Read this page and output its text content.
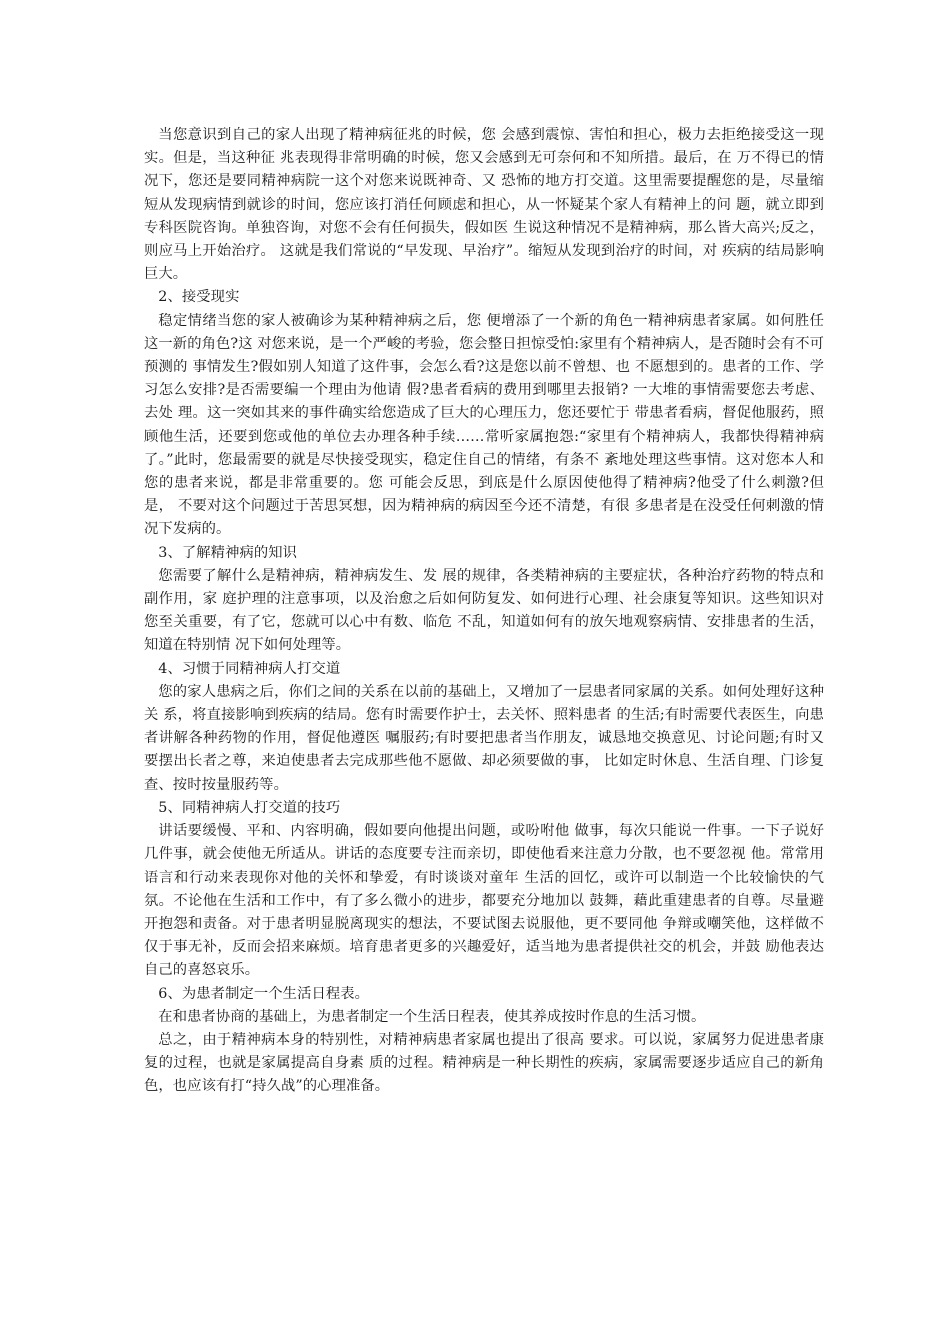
当您意识到自己的家人出现了精神病征兆的时候，您 会感到震惊、害怕和担心，极力去拒绝接受这一现实。但是，当这种征 兆表现得非常明确的时候，您又会感到无可奈何和不知所措。最后，在 万不得已的情况下，您还是要同精神病院一这个对您来说既神奇、又 恐怖的地方打交道。这里需要提醒您的是，尽量缩短从发现病情到就诊的时间，您应该打消任何顾虑和担心，从一怀疑某个家人有精神上的问 题，就立即到专科医院咨询。单独咨询，对您不会有任何损失，假如医 生说这种情况不是精神病，那么皆大高兴;反之，则应马上开始治疗。 这就是我们常说的“早发现、早治疗”。缩短从发现到治疗的时间，对 疾病的结局影响巨大。

2、接受现实

稳定情绪当您的家人被确诊为某种精神病之后，您 便增添了一个新的角色一精神病患者家属。如何胜任这一新的角色?这 对您来说，是一个严峻的考验，您会整日担惊受怕:家里有个精神病人，是否随时会有不可预测的 事情发生?假如别人知道了这件事，会怎么看?这是您以前不曾想、也 不愿想到的。患者的工作、学习怎么安排?是否需要编一个理由为他请 假?患者看病的费用到哪里去报销? 一大堆的事情需要您去考虑、去处 理。这一突如其来的事件确实给您造成了巨大的心理压力，您还要忙于 带患者看病，督促他服药，照顾他生活，还要到您或他的单位去办理各种手续……常听家属抱怨:“家里有个精神病人，我都快得精神病了。”此时，您最需要的就是尽快接受现实，稳定住自己的情绪，有条不 紊地处理这些事情。这对您本人和您的患者来说，都是非常重要的。您 可能会反思，到底是什么原因使他得了精神病?他受了什么刺激?但是， 不要对这个问题过于苦思冥想，因为精神病的病因至今还不清楚，有很 多患者是在没受任何刺激的情况下发病的。

3、了解精神病的知识

您需要了解什么是精神病，精神病发生、发 展的规律，各类精神病的主要症状，各种治疗药物的特点和副作用，家 庭护理的注意事项，以及治愈之后如何防复发、如何进行心理、社会康复等知识。这些知识对您至关重要，有了它，您就可以心中有数、临危 不乱，知道如何有的放矢地观察病情、安排患者的生活，知道在特别情 况下如何处理等。

4、习惯于同精神病人打交道

您的家人患病之后，你们之间的关系在以前的基础上，又增加了一层患者同家属的关系。如何处理好这种关 系，将直接影响到疾病的结局。您有时需要作护士，去关怀、照料患者 的生活;有时需要代表医生，向患者讲解各种药物的作用，督促他遵医 嘱服药;有时要把患者当作朋友，诚恳地交换意见、讨论问题;有时又 要摆出长者之尊，来迫使患者去完成那些他不愿做、却必须要做的事， 比如定时休息、生活自理、门诊复查、按时按量服药等。

5、同精神病人打交道的技巧

讲话要缓慢、平和、内容明确，假如要向他提出问题，或吩咐他 做事，每次只能说一件事。一下子说好几件事，就会使他无所适从。讲话的态度要专注而亲切，即使他看来注意力分散，也不要忽视 他。常常用语言和行动来表现你对他的关怀和挚爱，有时谈谈对童年 生活的回忆，或许可以制造一个比较愉快的气氛。不论他在生活和工作中，有了多么微小的进步，都要充分地加以 鼓舞，藉此重建患者的自尊。尽量避开抱怨和责备。对于患者明显脱离现实的想法，不要试图去说服他，更不要同他 争辩或嘲笑他，这样做不仅于事无补，反而会招来麻烦。培育患者更多的兴趣爱好，适当地为患者提供社交的机会，并鼓 励他表达自己的喜怒哀乐。

6、为患者制定一个生活日程表。

在和患者协商的基础上，为患者制定一个生活日程表，使其养成按时作息的生活习惯。

总之，由于精神病本身的特别性，对精神病患者家属也提出了很高 要求。可以说，家属努力促进患者康复的过程，也就是家属提高自身素 质的过程。精神病是一种长期性的疾病，家属需要逐步适应自己的新角 色，也应该有打“持久战”的心理准备。
